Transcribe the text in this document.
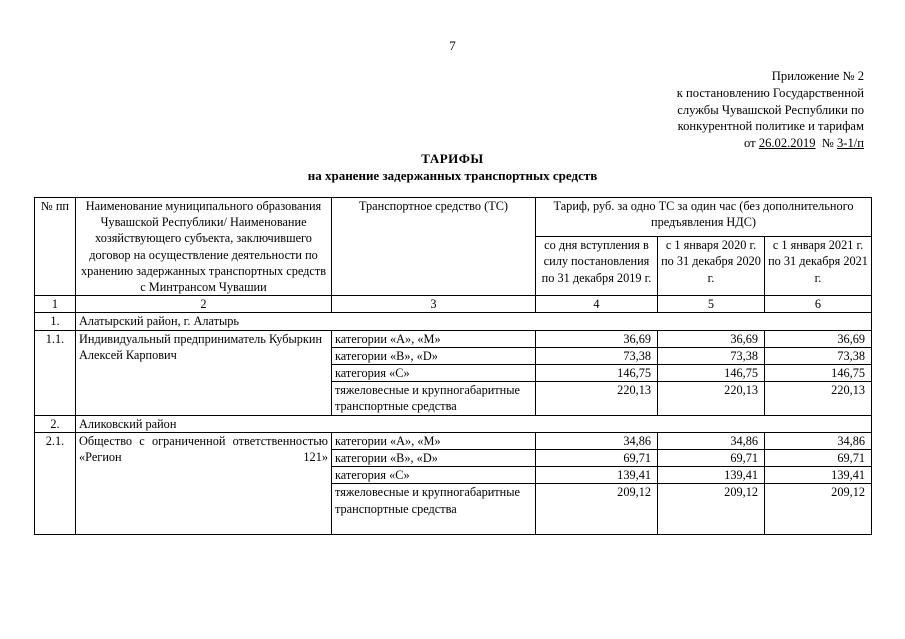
7
Приложение № 2
к постановлению Государственной
службы Чувашской Республики по
конкурентной политике и тарифам
от 26.02.2019 № 3-1/п
ТАРИФЫ
на хранение задержанных транспортных средств
№ пп	Наименование муниципального образования Чувашской Республики/ Наименование хозяйствующего субъекта, заключившего договор на осуществление деятельности по хранению задержанных транспортных средств с Минтрансом Чувашии	Транспортное средство (ТС)	Тариф, руб. за одно ТС за один час (без дополнительного предъявления НДС)		
			со дня вступления в силу постановления по 31 декабря 2019 г.	с 1 января 2020 г. по 31 декабря 2020 г.	с 1 января 2021 г. по 31 декабря 2021 г.
1	2	3	4	5	6
1.	Алатырский район, г. Алатырь				
1.1.	Индивидуальный предприниматель Кубыркин Алексей Карпович	категории «А», «М»	36,69	36,69	36,69
		категории «В», «D»	73,38	73,38	73,38
		категория «С»	146,75	146,75	146,75
		тяжеловесные и крупногабаритные транспортные средства	220,13	220,13	220,13
2.	Аликовский район				
2.1.	Общество с ограниченной ответственностью «Регион 121»	категории «А», «М»	34,86	34,86	34,86
		категории «В», «D»	69,71	69,71	69,71
		категория «С»	139,41	139,41	139,41
		тяжеловесные и крупногабаритные транспортные средства	209,12	209,12	209,12
